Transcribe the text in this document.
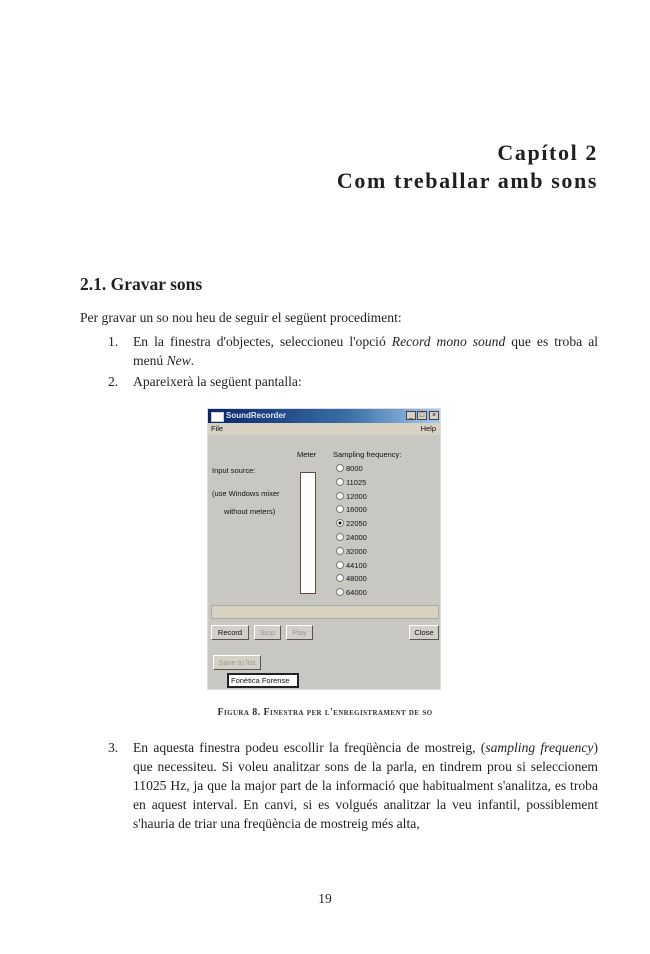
Capítol 2
Com treballar amb sons
2.1. Gravar sons
Per gravar un so nou heu de seguir el següent procediment:
1. En la finestra d'objectes, seleccioneu l'opció Record mono sound que es troba al menú New.
2. Apareixerà la següent pantalla:
SoundRecorder	_ □	×
File	Help
Meter Sampling frequency:
Input source:
(use Windows mixer
without meters)
8000
11025
12000
16000
22050
24000
32000
44100
48000
64000
Record	Stop	Play	Close
Save to list
Fonètica Forense
Figura 8. Finestra per l'enregistrament de so
3. En aquesta finestra podeu escollir la freqüència de mostreig, (sampling frequency) que necessiteu. Si voleu analitzar sons de la parla, en tindrem prou si seleccionem 11025 Hz, ja que la major part de la informació que habitualment s'analitza, es troba en aquest interval. En canvi, si es volgués analitzar la veu infantil, possiblement s'hauria de triar una freqüència de mostreig més alta,
19
